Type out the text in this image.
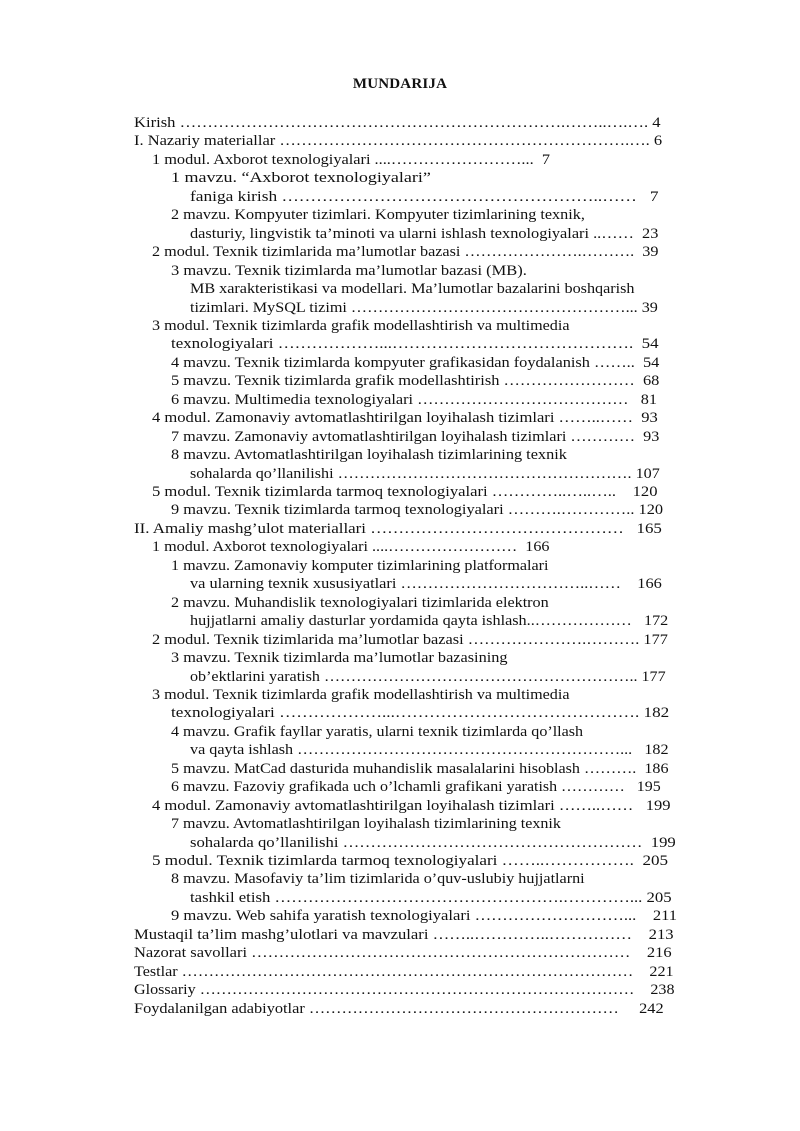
MUNDARIJA
Kirish …………………………………………………………….……..….…. 4
I. Nazariy materiallar ……………………………………………………….…. 6
1 modul. Axborot texnologiyalari ....……………………...  7
1 mavzu. “Axborot texnologiyalari”
faniga kirish ………………………………………………..……   7
2 mavzu. Kompyuter tizimlari. Kompyuter tizimlarining texnik,
dasturiy, lingvistik ta’minoti va ularni ishlash texnologiyalari ..……  23
2 modul. Texnik tizimlarida ma’lumotlar bazasi ………………….……….  39
3 mavzu. Texnik tizimlarda ma’lumotlar bazasi (MB).
MB xarakteristikasi va modellari. Ma’lumotlar bazalarini boshqarish
tizimlari. MySQL tizimi ……………………………………………... 39
3 modul. Texnik tizimlarda grafik modellashtirish va multimedia
texnologiyalari ………………...…………………………………….  54
4 mavzu. Texnik tizimlarda kompyuter grafikasidan foydalanish ……..  54
5 mavzu. Texnik tizimlarda grafik modellashtirish ……………………  68
6 mavzu. Multimedia texnologiyalari …………………………………   81
4 modul. Zamonaviy avtomatlashtirilgan loyihalash tizimlari ……..……  93
7 mavzu. Zamonaviy avtomatlashtirilgan loyihalash tizimlari …………  93
8 mavzu. Avtomatlashtirilgan loyihalash tizimlarining texnik
sohalarda qo’llanilishi ………………………………………………. 107
5 modul. Texnik tizimlarda tarmoq texnologiyalari …………..…..…..    120
9 mavzu. Texnik tizimlarda tarmoq texnologiyalari ……….………….. 120
II. Amaliy mashg’ulot materiallari ………………………………………   165
1 modul. Axborot texnologiyalari ....……………………  166
1 mavzu. Zamonaviy komputer tizimlarining platformalari
va ularning texnik xususiyatlari ……………………………..……    166
2 mavzu. Muhandislik texnologiyalari tizimlarida elektron
hujjatlarni amaliy dasturlar yordamida qayta ishlash..………………   172
2 modul. Texnik tizimlarida ma’lumotlar bazasi ………………….………. 177
3 mavzu. Texnik tizimlarda ma’lumotlar bazasining
ob’ektlarini yaratish ………………………………………………….. 177
3 modul. Texnik tizimlarda grafik modellashtirish va multimedia
texnologiyalari ………………...……………………………………. 182
4 mavzu. Grafik fayllar yaratis, ularni texnik tizimlarda qo’llash
va qayta ishlash ……………………………………………………...   182
5 mavzu. MatCad dasturida muhandislik masalalarini hisoblash ……….  186
6 mavzu. Fazoviy grafikada uch o’lchamli grafikani yaratish …………   195
4 modul. Zamonaviy avtomatlashtirilgan loyihalash tizimlari ……..……   199
7 mavzu. Avtomatlashtirilgan loyihalash tizimlarining texnik
sohalarda qo’llanilishi ………………………………………………  199
5 modul. Texnik tizimlarda tarmoq texnologiyalari ……..…………….  205
8 mavzu. Masofaviy ta’lim tizimlarida o’quv-uslubiy hujjatlarni
tashkil etish …………………………………………….…………... 205
9 mavzu. Web sahifa yaratish texnologiyalari ………………………...    211
Mustaqil ta’lim mashg’ulotlari va mavzulari ……..…………..……………    213
Nazorat savollari ……………………………………………………………    216
Testlar …………………………………………………………………………    221
Glossariy ………………………………………………………………………    238
Foydalanilgan adabiyotlar …………………………………………………     242
